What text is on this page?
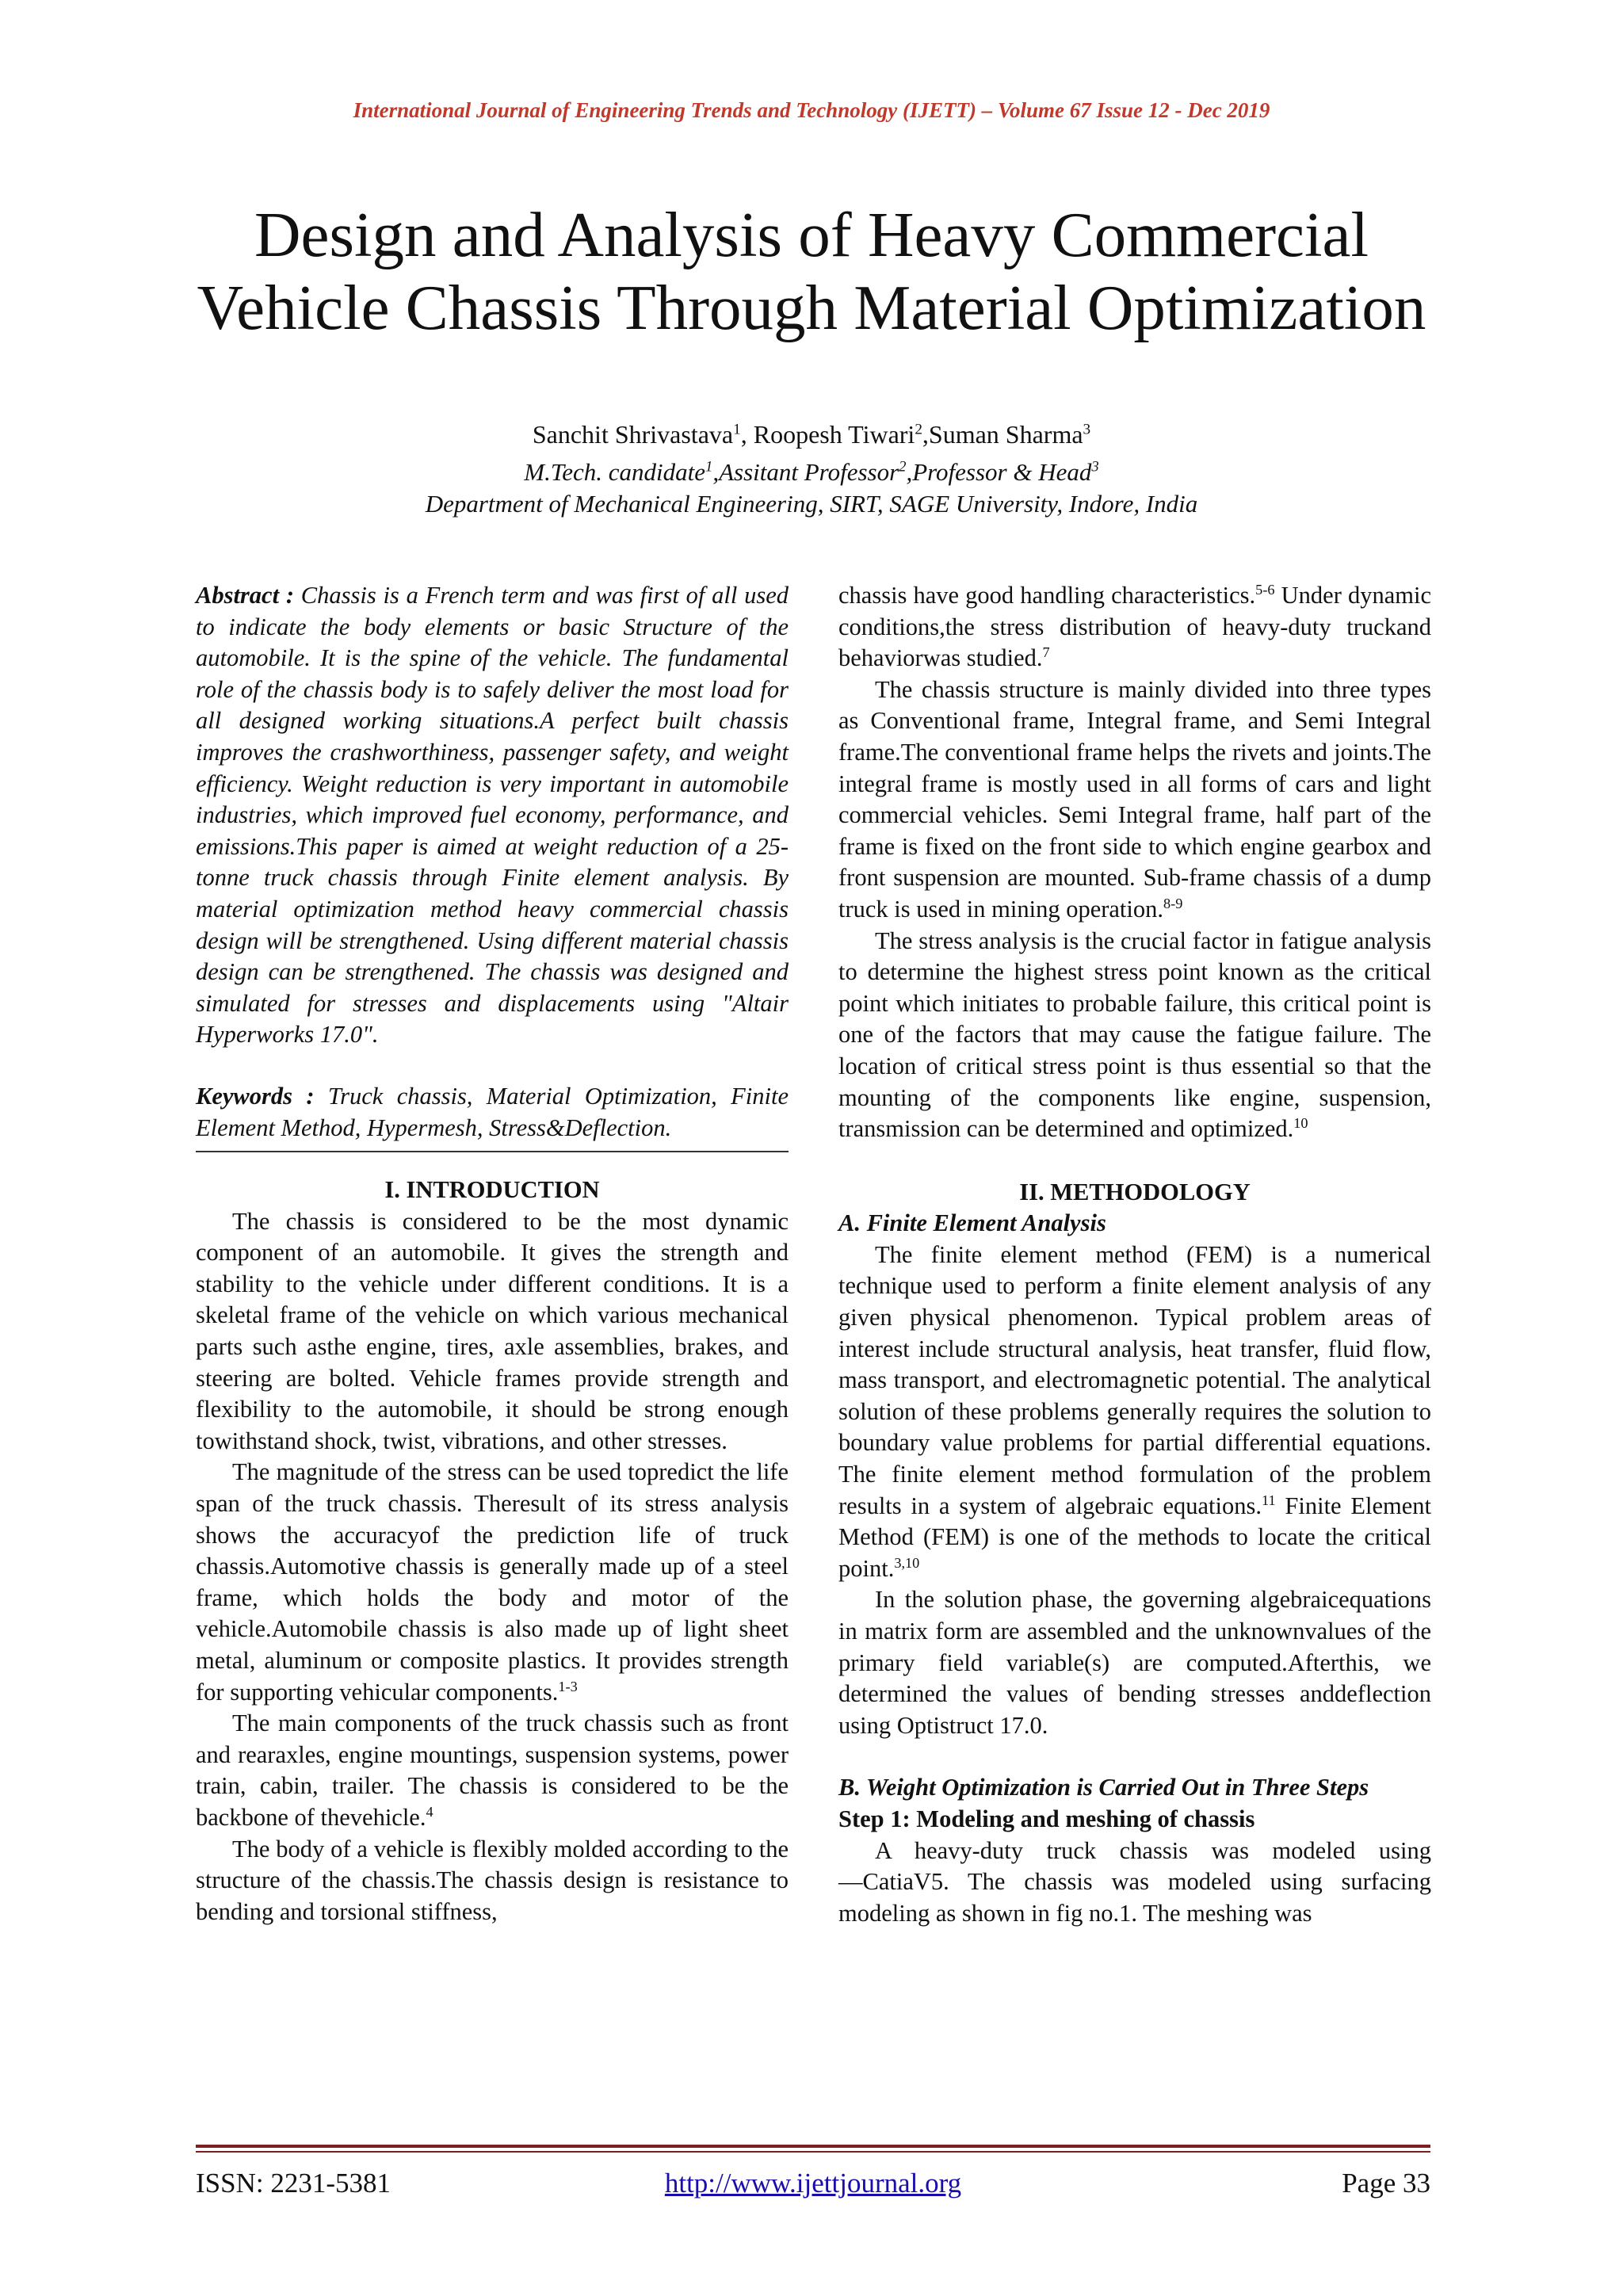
International Journal of Engineering Trends and Technology (IJETT) – Volume 67 Issue 12 - Dec 2019
Design and Analysis of Heavy Commercial Vehicle Chassis Through Material Optimization
Sanchit Shrivastava$^1$, Roopesh Tiwari$^2$,Suman Sharma$^3$
M.Tech. candidate$^1$,Assitant Professor$^2$,Professor & Head$^3$
Department of Mechanical Engineering, SIRT, SAGE University, Indore, India

Abstract : Chassis is a French term and was first of all used to indicate the body elements or basic Structure of the automobile. It is the spine of the vehicle. The fundamental role of the chassis body is to safely deliver the most load for all designed working situations.A perfect built chassis improves the crashworthiness, passenger safety, and weight efficiency. Weight reduction is very important in automobile industries, which improved fuel economy, performance, and emissions.This paper is aimed at weight reduction of a 25-tonne truck chassis through Finite element analysis. By material optimization method heavy commercial chassis design will be strengthened. Using different material chassis design can be strengthened. The chassis was designed and simulated for stresses and displacements using "Altair Hyperworks 17.0".

Keywords : Truck chassis, Material Optimization, Finite Element Method, Hypermesh, Stress&Deflection.

I. INTRODUCTION

The chassis is considered to be the most dynamic component of an automobile. It gives the strength and stability to the vehicle under different conditions. It is a skeletal frame of the vehicle on which various mechanical parts such asthe engine, tires, axle assemblies, brakes, and steering are bolted. Vehicle frames provide strength and flexibility to the automobile, it should be strong enough towithstand shock, twist, vibrations, and other stresses.

The magnitude of the stress can be used topredict the life span of the truck chassis. Theresult of its stress analysis shows the accuracyof the prediction life of truck chassis.Automotive chassis is generally made up of a steel frame, which holds the body and motor of the vehicle.Automobile chassis is also made up of light sheet metal, aluminum or composite plastics. It provides strength for supporting vehicular components.$^{1-3}$

The main components of the truck chassis such as front and rearaxles, engine mountings, suspension systems, power train, cabin, trailer. The chassis is considered to be the backbone of thevehicle.$^4$

The body of a vehicle is flexibly molded according to the structure of the chassis.The chassis design is resistance to bending and torsional stiffness,

chassis have good handling characteristics.$^{5-6}$ Under dynamic conditions,the stress distribution of heavy-duty truckand behaviorwas studied.$^7$

The chassis structure is mainly divided into three types as Conventional frame, Integral frame, and Semi Integral frame.The conventional frame helps the rivets and joints.The integral frame is mostly used in all forms of cars and light commercial vehicles. Semi Integral frame, half part of the frame is fixed on the front side to which engine gearbox and front suspension are mounted. Sub-frame chassis of a dump truck is used in mining operation.$^{8-9}$

The stress analysis is the crucial factor in fatigue analysis to determine the highest stress point known as the critical point which initiates to probable failure, this critical point is one of the factors that may cause the fatigue failure. The location of critical stress point is thus essential so that the mounting of the components like engine, suspension, transmission can be determined and optimized.$^{10}$

II. METHODOLOGY

A. Finite Element Analysis

The finite element method (FEM) is a numerical technique used to perform a finite element analysis of any given physical phenomenon. Typical problem areas of interest include structural analysis, heat transfer, fluid flow, mass transport, and electromagnetic potential. The analytical solution of these problems generally requires the solution to boundary value problems for partial differential equations. The finite element method formulation of the problem results in a system of algebraic equations.$^{11}$ Finite Element Method (FEM) is one of the methods to locate the critical point.$^{3,10}$

In the solution phase, the governing algebraicequations in matrix form are assembled and the unknownvalues of the primary field variable(s) are computed.Afterthis, we determined the values of bending stresses anddeflection using Optistruct 17.0.

B. Weight Optimization is Carried Out in Three Steps

Step 1: Modeling and meshing of chassis

A heavy-duty truck chassis was modeled using ―CatiaV5. The chassis was modeled using surfacing modeling as shown in fig no.1. The meshing was

ISSN: 2231-5381	http://www.ijettjournal.org	Page 33
